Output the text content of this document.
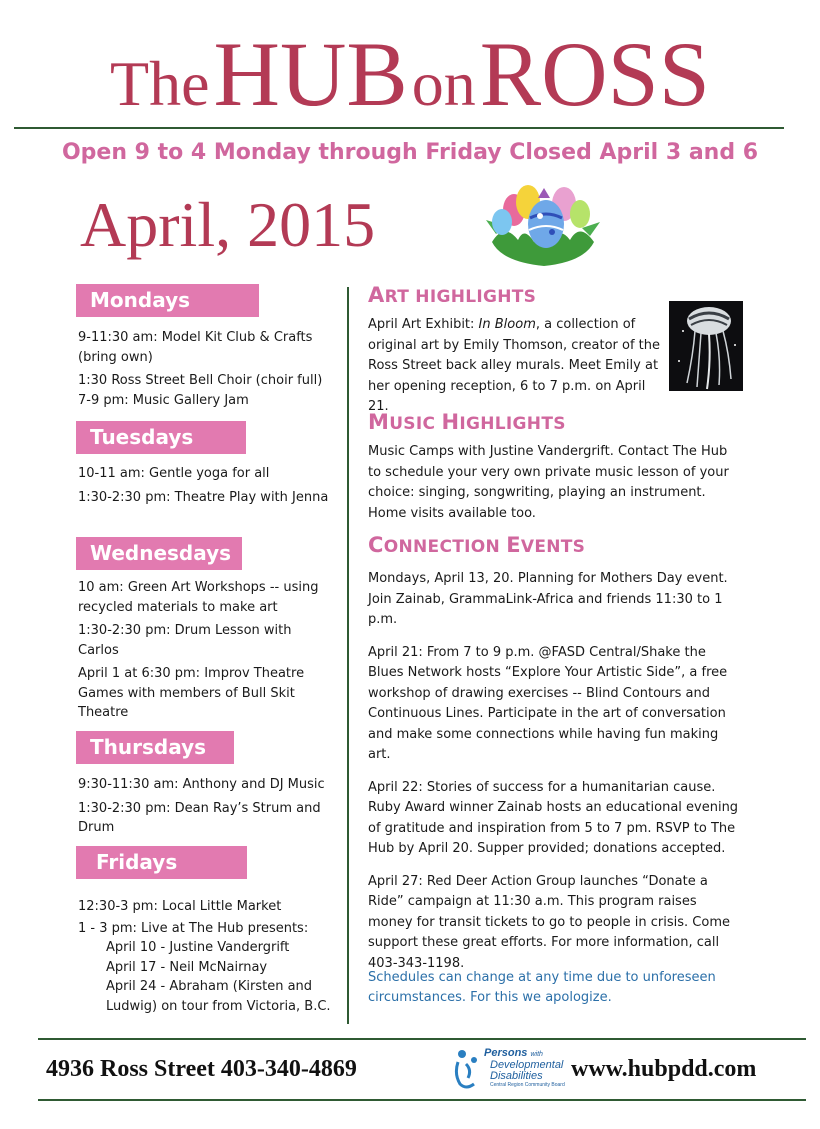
The HUB on ROSS
Open 9 to 4 Monday through Friday Closed April 3 and 6
April, 2015
Mondays

9-11:30 am: Model Kit Club & Crafts (bring own)

1:30 Ross Street Bell Choir (choir full)

7-9 pm: Music Gallery Jam

Tuesdays

10-11 am: Gentle yoga for all

1:30-2:30 pm: Theatre Play with Jenna

Wednesdays

10 am: Green Art Workshops -- using recycled materials to make art

1:30-2:30 pm: Drum Lesson with Carlos

April 1 at 6:30 pm: Improv Theatre Games with members of Bull Skit Theatre

Thursdays

9:30-11:30 am: Anthony and DJ Music

1:30-2:30 pm: Dean Ray’s Strum and Drum

Fridays

12:30-3 pm: Local Little Market

1 - 3 pm: Live at The Hub presents:

April 10 - Justine Vandergrift

April 17 - Neil McNairnay

April 24 - Abraham (Kirsten and Ludwig) on tour from Victoria, B.C.

ART HIGHLIGHTS
April Art Exhibit: In Bloom, a collection of original art by Emily Thomson, creator of the Ross Street back alley murals. Meet Emily at her opening reception, 6 to 7 p.m. on April 21.
MUSIC HIGHLIGHTS
Music Camps with Justine Vandergrift. Contact The Hub to schedule your very own private music lesson of your choice: singing, songwriting, playing an instrument. Home visits available too.
CONNECTION EVENTS

Mondays, April 13, 20. Planning for Mothers Day event. Join Zainab, GrammaLink-Africa and friends 11:30 to 1 p.m.

April 21: From 7 to 9 p.m. @FASD Central/Shake the Blues Network hosts “Explore Your Artistic Side”, a free workshop of drawing exercises -- Blind Contours and Continuous Lines. Participate in the art of conversation and make some connections while having fun making art.

April 22: Stories of success for a humanitarian cause. Ruby Award winner Zainab hosts an educational evening of gratitude and inspiration from 5 to 7 pm. RSVP to The Hub by April 20. Supper provided; donations accepted.

April 27: Red Deer Action Group launches “Donate a Ride” campaign at 11:30 a.m. This program raises money for transit tickets to go to people in crisis. Come support these great efforts. For more information, call 403-343-1198.

Schedules can change at any time due to unforeseen circumstances. For this we apologize.
4936 Ross Street 403-340-4869
Persons with
Developmental
Disabilities
Central Region Community Board
www.hubpdd.com
